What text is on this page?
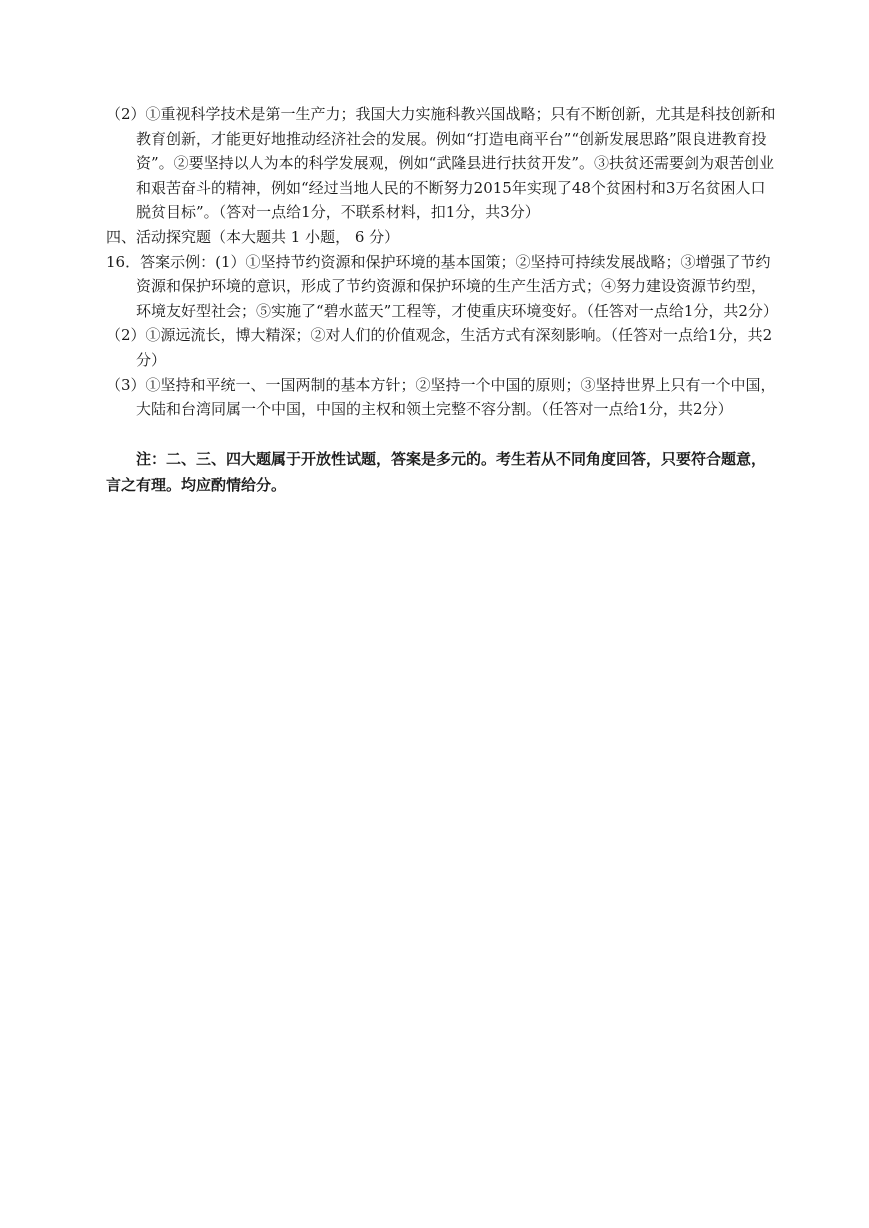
（2）①重视科学技术是第一生产力；我国大力实施科教兴国战略；只有不断创新，尤其是科技创新和教育创新，才能更好地推动经济社会的发展。例如“打造电商平台”“创新发展思路”限良进教育投资”。②要坚持以人为本的科学发展观，例如“武隆县进行扶贫开发”。③扶贫还需要剑为艰苦创业和艰苦奋斗的精神，例如“经过当地人民的不断努力2015年实现了48个贫困村和3万名贫困人口脱贫目标”。（答对一点给1分，不联系材料，扣1分，共3分）

四、活动探究题（本大题共 1 小题， 6 分）

16．答案示例：(1）①坚持节约资源和保护环境的基本国策；②坚持可持续发展战略；③增强了节约资源和保护环境的意识，形成了节约资源和保护环境的生产生活方式；④努力建设资源节约型，环境友好型社会；⑤实施了“碧水蓝天”工程等，才使重庆环境变好。（任答对一点给1分，共2分）

（2）①源远流长，博大精深；②对人们的价值观念，生活方式有深刻影响。（任答对一点给1分，共2分）

（3）①坚持和平统一、一国两制的基本方针；②坚持一个中国的原则；③坚持世界上只有一个中国，大陆和台湾同属一个中国，中国的主权和领土完整不容分割。（任答对一点给1分，共2分）

注：二、三、四大题属于开放性试题，答案是多元的。考生若从不同角度回答，只要符合题意，言之有理。均应酌情给分。
